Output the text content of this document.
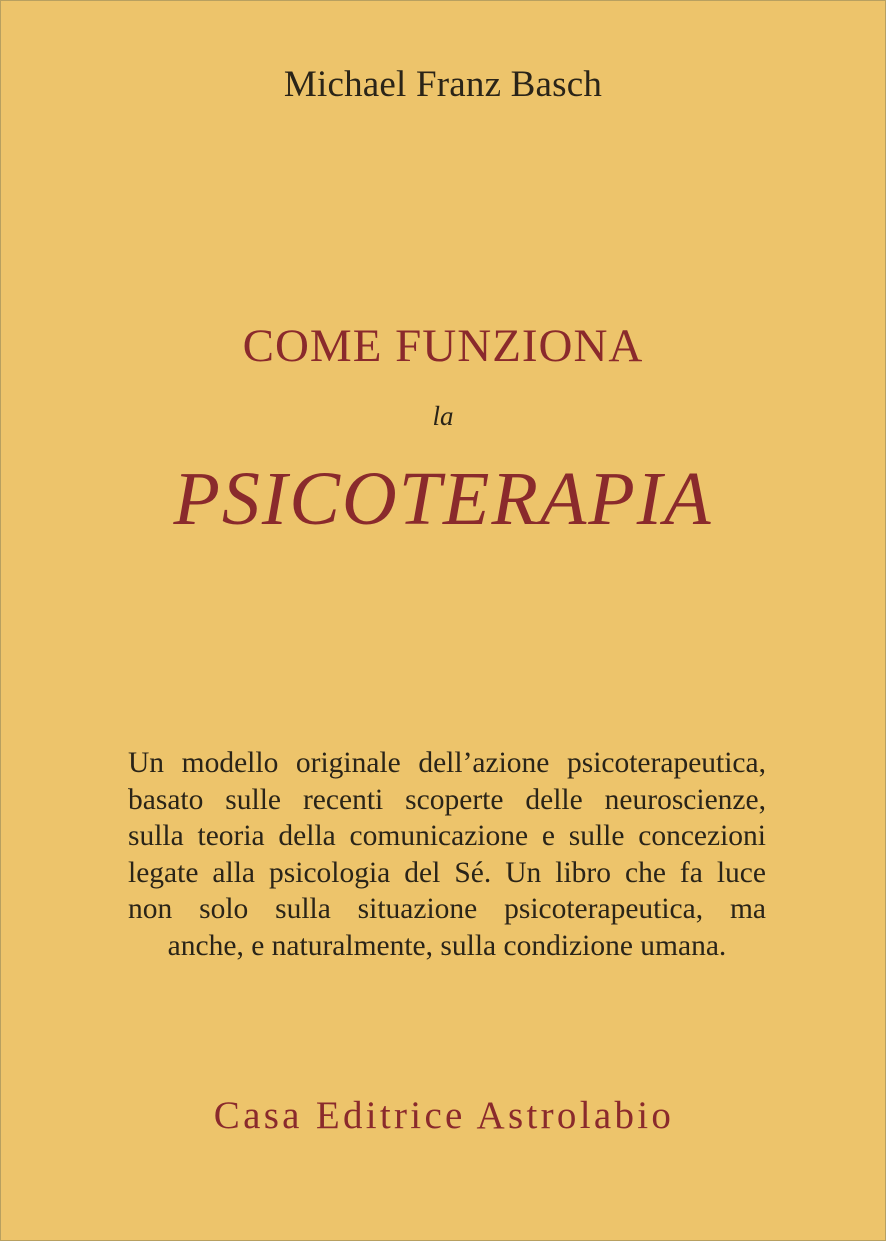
Michael Franz Basch
COME FUNZIONA
la
PSICOTERAPIA
Un modello originale dell’azione psicoterapeutica,
basato sulle recenti scoperte delle neuroscienze,
sulla teoria della comunicazione e sulle concezioni
legate alla psicologia del Sé. Un libro che fa luce
non solo sulla situazione psicoterapeutica, ma
anche, e naturalmente, sulla condizione umana.
Casa Editrice Astrolabio
